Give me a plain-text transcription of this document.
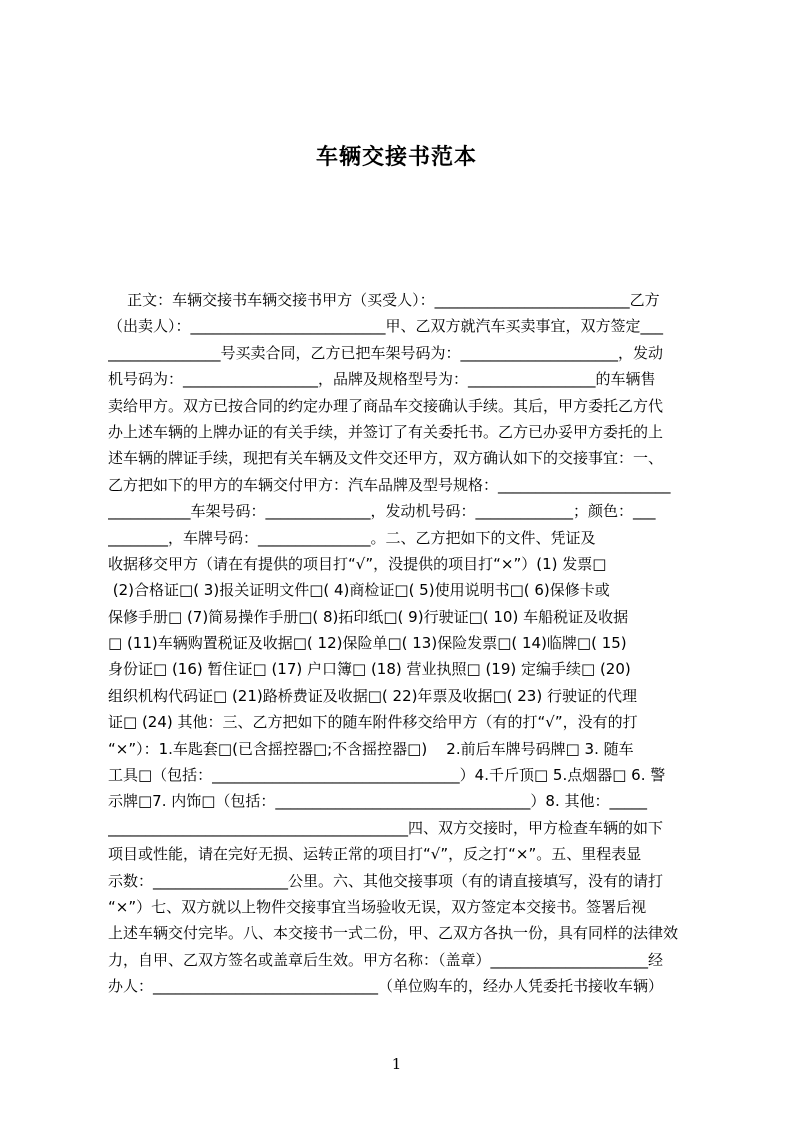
车辆交接书范本
正文：车辆交接书车辆交接书甲方（买受人）：__________________________乙方
（出卖人）：__________________________甲、乙双方就汽车买卖事宜，双方签定___
_______________号买卖合同，乙方已把车架号码为：_____________________，发动
机号码为：__________________，品牌及规格型号为：_________________的车辆售
卖给甲方。双方已按合同的约定办理了商品车交接确认手续。其后，甲方委托乙方代
办上述车辆的上牌办证的有关手续，并签订了有关委托书。乙方已办妥甲方委托的上
述车辆的牌证手续，现把有关车辆及文件交还甲方，双方确认如下的交接事宜：一、
乙方把如下的甲方的车辆交付甲方：汽车品牌及型号规格：_______________________
___________车架号码：______________，发动机号码：_____________；颜色：___
________，车牌号码：_______________。二、乙方把如下的文件、凭证及
收据移交甲方（请在有提供的项目打“√”，没提供的项目打“×”）(1) 发票□
(2)合格证□( 3)报关证明文件□( 4)商检证□( 5)使用说明书□( 6)保修卡或
保修手册□ (7)简易操作手册□( 8)拓印纸□( 9)行驶证□( 10) 车船税证及收据
□ (11)车辆购置税证及收据□( 12)保险单□( 13)保险发票□( 14)临牌□( 15)
身份证□ (16) 暂住证□ (17) 户口簿□ (18) 营业执照□ (19) 定编手续□ (20)
组织机构代码证□ (21)路桥费证及收据□( 22)年票及收据□( 23) 行驶证的代理
证□ (24) 其他：三、乙方把如下的随车附件移交给甲方（有的打“√”，没有的打
“×”）：1.车匙套□(已含摇控器□;不含摇控器□)    2.前后车牌号码牌□ 3. 随车
工具□（包括：_________________________________）4.千斤顶□ 5.点烟器□ 6. 警
示牌□7. 内饰□（包括：__________________________________）8. 其他：_____
________________________________________四、双方交接时，甲方检查车辆的如下
项目或性能，请在完好无损、运转正常的项目打“√”，反之打“×”。五、里程表显
示数：__________________公里。六、其他交接事项（有的请直接填写，没有的请打
“×”）七、双方就以上物件交接事宜当场验收无误，双方签定本交接书。签署后视
上述车辆交付完毕。八、本交接书一式二份，甲、乙双方各执一份，具有同样的法律效
力，自甲、乙双方签名或盖章后生效。甲方名称：（盖章）_____________________经
办人：______________________________（单位购车的，经办人凭委托书接收车辆）
1
